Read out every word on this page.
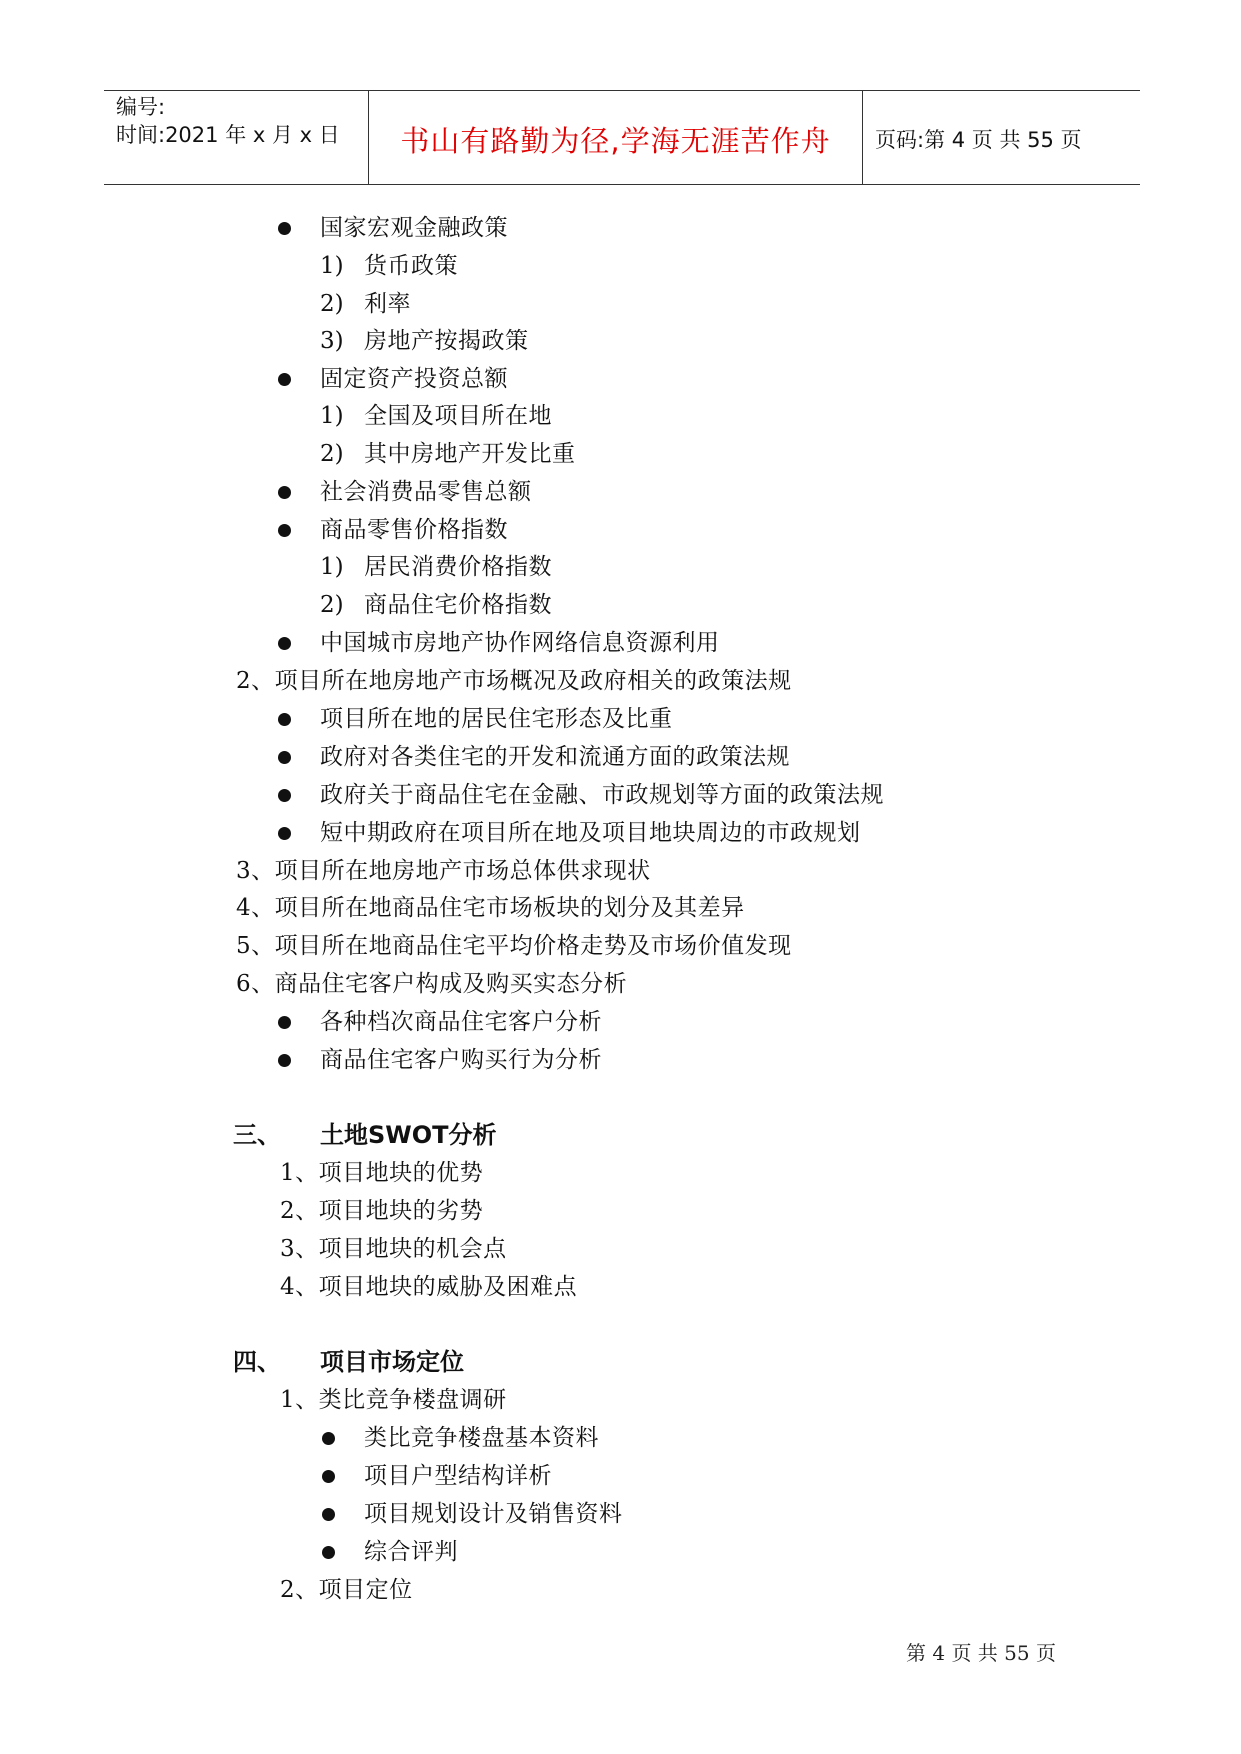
编号:
时间:2021 年 x 月 x 日	书山有路勤为径,学海无涯苦作舟	页码:第 4 页 共 55 页
国家宏观金融政策
1) 货币政策
2) 利率
3) 房地产按揭政策
固定资产投资总额
1) 全国及项目所在地
2) 其中房地产开发比重
社会消费品零售总额
商品零售价格指数
1) 居民消费价格指数
2) 商品住宅价格指数
中国城市房地产协作网络信息资源利用
2、项目所在地房地产市场概况及政府相关的政策法规
项目所在地的居民住宅形态及比重
政府对各类住宅的开发和流通方面的政策法规
政府关于商品住宅在金融、市政规划等方面的政策法规
短中期政府在项目所在地及项目地块周边的市政规划
3、项目所在地房地产市场总体供求现状
4、项目所在地商品住宅市场板块的划分及其差异
5、项目所在地商品住宅平均价格走势及市场价值发现
6、商品住宅客户构成及购买实态分析
各种档次商品住宅客户分析
商品住宅客户购买行为分析
三、 土地SWOT分析
1、项目地块的优势
2、项目地块的劣势
3、项目地块的机会点
4、项目地块的威胁及困难点
四、 项目市场定位
1、类比竞争楼盘调研
类比竞争楼盘基本资料
项目户型结构详析
项目规划设计及销售资料
综合评判
2、项目定位
第 4 页 共 55 页
